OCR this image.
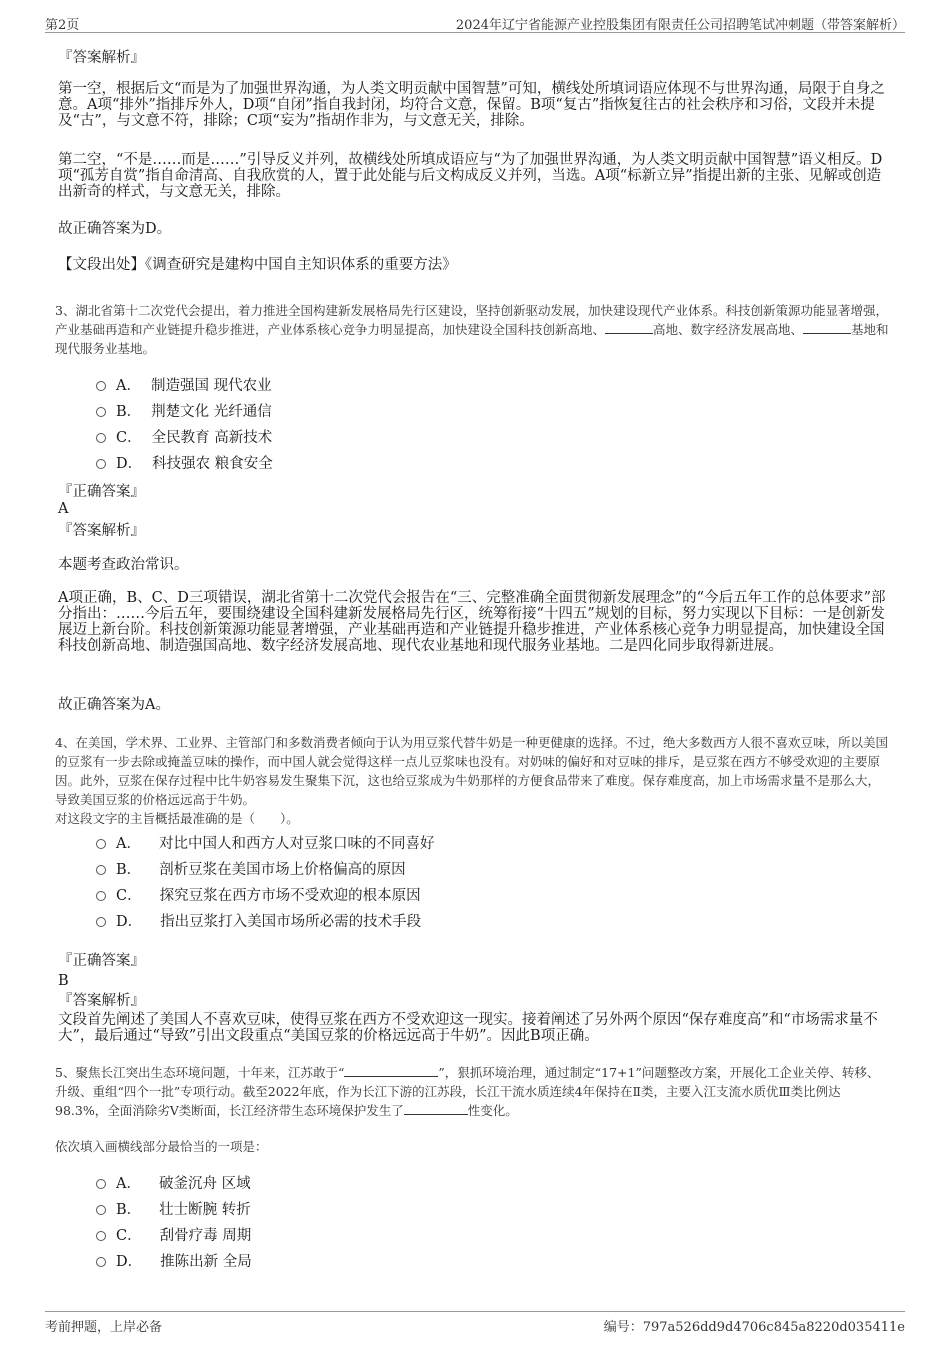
第2页	2024年辽宁省能源产业控股集团有限责任公司招聘笔试冲刺题（带答案解析）
『答案解析』
第一空，根据后文“而是为了加强世界沟通，为人类文明贡献中国智慧”可知，横线处所填词语应体现不与世界沟通，局限于自身之意。A项“排外”指排斥外人，D项“自闭”指自我封闭，均符合文意，保留。B项“复古”指恢复往古的社会秩序和习俗，文段并未提及“古”，与文意不符，排除；C项“妄为”指胡作非为，与文意无关，排除。
第二空，“不是……而是……”引导反义并列，故横线处所填成语应与“为了加强世界沟通，为人类文明贡献中国智慧”语义相反。D项“孤芳自赏”指自命清高、自我欣赏的人，置于此处能与后文构成反义并列，当选。A项“标新立异”指提出新的主张、见解或创造出新奇的样式，与文意无关，排除。
故正确答案为D。
【文段出处】《调查研究是建构中国自主知识体系的重要方法》
3、湖北省第十二次党代会提出，着力推进全国构建新发展格局先行区建设，坚持创新驱动发展，加快建设现代产业体系。科技创新策源功能显著增强，产业基础再造和产业链提升稳步推进，产业体系核心竞争力明显提高，加快建设全国科技创新高地、	高地、数字经济发展高地、	基地和现代服务业基地。
A． 制造强国 现代农业
B． 荆楚文化 光纤通信
C． 全民教育 高新技术
D． 科技强农 粮食安全
『正确答案』
A
『答案解析』
本题考查政治常识。
A项正确，B、C、D三项错误，湖北省第十二次党代会报告在“三、完整准确全面贯彻新发展理念”的“今后五年工作的总体要求”部分指出：……今后五年，要围绕建设全国科建新发展格局先行区，统筹衔接“十四五”规划的目标，努力实现以下目标：一是创新发展迈上新台阶。科技创新策源功能显著增强，产业基础再造和产业链提升稳步推进，产业体系核心竞争力明显提高，加快建设全国科技创新高地、制造强国高地、数字经济发展高地、现代农业基地和现代服务业基地。二是四化同步取得新进展。
故正确答案为A。
4、在美国，学术界、工业界、主管部门和多数消费者倾向于认为用豆浆代替牛奶是一种更健康的选择。不过，绝大多数西方人很不喜欢豆味，所以美国的豆浆有一步去除或掩盖豆味的操作，而中国人就会觉得这样一点儿豆浆味也没有。对奶味的偏好和对豆味的排斥，是豆浆在西方不够受欢迎的主要原因。此外，豆浆在保存过程中比牛奶容易发生聚集下沉，这也给豆浆成为牛奶那样的方便食品带来了难度。保存难度高，加上市场需求量不是那么大，导致美国豆浆的价格远远高于牛奶。
对这段文字的主旨概括最准确的是（　　）。
A． 对比中国人和西方人对豆浆口味的不同喜好
B． 剖析豆浆在美国市场上价格偏高的原因
C． 探究豆浆在西方市场不受欢迎的根本原因
D． 指出豆浆打入美国市场所必需的技术手段
『正确答案』
B
『答案解析』
文段首先阐述了美国人不喜欢豆味，使得豆浆在西方不受欢迎这一现实。接着阐述了另外两个原因“保存难度高”和“市场需求量不大”，最后通过“导致”引出文段重点“美国豆浆的价格远远高于牛奶”。因此B项正确。
5、聚焦长江突出生态环境问题，十年来，江苏敢于“	”，狠抓环境治理，通过制定“17+1”问题整改方案，开展化工企业关停、转移、升级、重组“四个一批”专项行动。截至2022年底，作为长江下游的江苏段，长江干流水质连续4年保持在Ⅱ类，主要入江支流水质优Ⅲ类比例达98.3%，全面消除劣Ⅴ类断面，长江经济带生态环境保护发生了	性变化。
依次填入画横线部分最恰当的一项是：
A． 破釜沉舟 区域
B． 壮士断腕 转折
C． 刮骨疗毒 周期
D． 推陈出新 全局
考前押题，上岸必备	编号：797a526dd9d4706c845a8220d035411e
